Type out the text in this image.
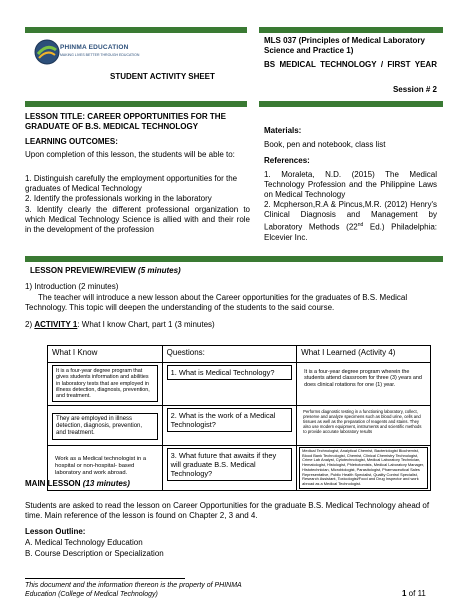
PHINMA EDUCATION
MAKING LIVES BETTER THROUGH EDUCATION
STUDENT ACTIVITY SHEET
MLS 037 (Principles of Medical Laboratory Science and Practice 1)
BS MEDICAL TECHNOLOGY / FIRST YEAR
Session # 2
LESSON TITLE: CAREER OPPORTUNITIES FOR THE GRADUATE OF B.S. MEDICAL TECHNOLOGY
LEARNING OUTCOMES:
Upon completion of this lesson, the students will be able to:
1. Distinguish carefully the employment opportunities for the graduates of Medical Technology
2. Identify the professionals working in the laboratory
3. Identify clearly the different professional organization to which Medical Technology Science is allied with and their role in the development of the profession
Materials:
Book, pen and notebook, class list
References:
1. Moraleta, N.D. (2015) The Medical Technology Profession and the Philippine Laws on Medical Technology
2. Mcpherson,R.A & Pincus,M.R. (2012) Henry's Clinical Diagnosis and Management by Laboratory Methods (22nd Ed.) Philadelphia: Elcevier Inc.
LESSON PREVIEW/REVIEW (5 minutes)
1) Introduction (2 minutes)
The teacher will introduce a new lesson about the Career opportunities for the graduates of B.S. Medical Technology. This topic will deepen the understanding of the students to the said course.
2) ACTIVITY 1: What I know Chart, part 1 (3 minutes)
What I Know	Questions:	What I Learned (Activity 4)

It is a four-year degree program that gives students information and abilities in laboratory tests that are employed in illness detection, diagnosis, prevention, and treatment.	1. What is Medical Technology?	It is a four-year degree program wherein the students attend classroom for three (3) years and does clinical rotations for one (1) year.

They are employed in illness detection, diagnosis, prevention, and treatment.	2. What is the work of a Medical Technologist?	Performs diagnostic testing in a functioning laboratory, collect, preserve and analyze specimens such as blood urine, cells and tissues as well as the preparation of reagents and stains. They also use modern equipment, instruments and scientific methods to provide accurate laboratory results

Work as a Medical technologist in a hospital or non-hospital- based laboratory and work abroad.	3. What future that awaits if they will graduate B.S. Medical Technology?	Medical Technologist, Analytical Chemist, Bacteriologist Biochemist, Blood Bank Technologist, Chemist, Clinical Chemistry Technologist, Crime Lab Analyst, Cytotechnologist, Medical Laboratory Technician, Hematologist, Histologist, Phlebotomists, Medical Laboratory Manager, Histotechnician, Microbiologist, Parasitologist, Pharmaceutical Sales Representative, Public Health Specialist, Quality Control Specialist, Research Assistant, Toxicologist/Food and Drug Inspector and work abroad as a Medical Technologist.
MAIN LESSON (13 minutes)
Students are asked to read the lesson on Career Opportunities for the graduate B.S. Medical Technology ahead of time. Main reference of the lesson is found on Chapter 2, 3 and 4.
Lesson Outline:
A. Medical Technology Education
B. Course Description or Specialization
This document and the information thereon is the property of PHINMA
Education (College of Medical Technology)	1 of 11
